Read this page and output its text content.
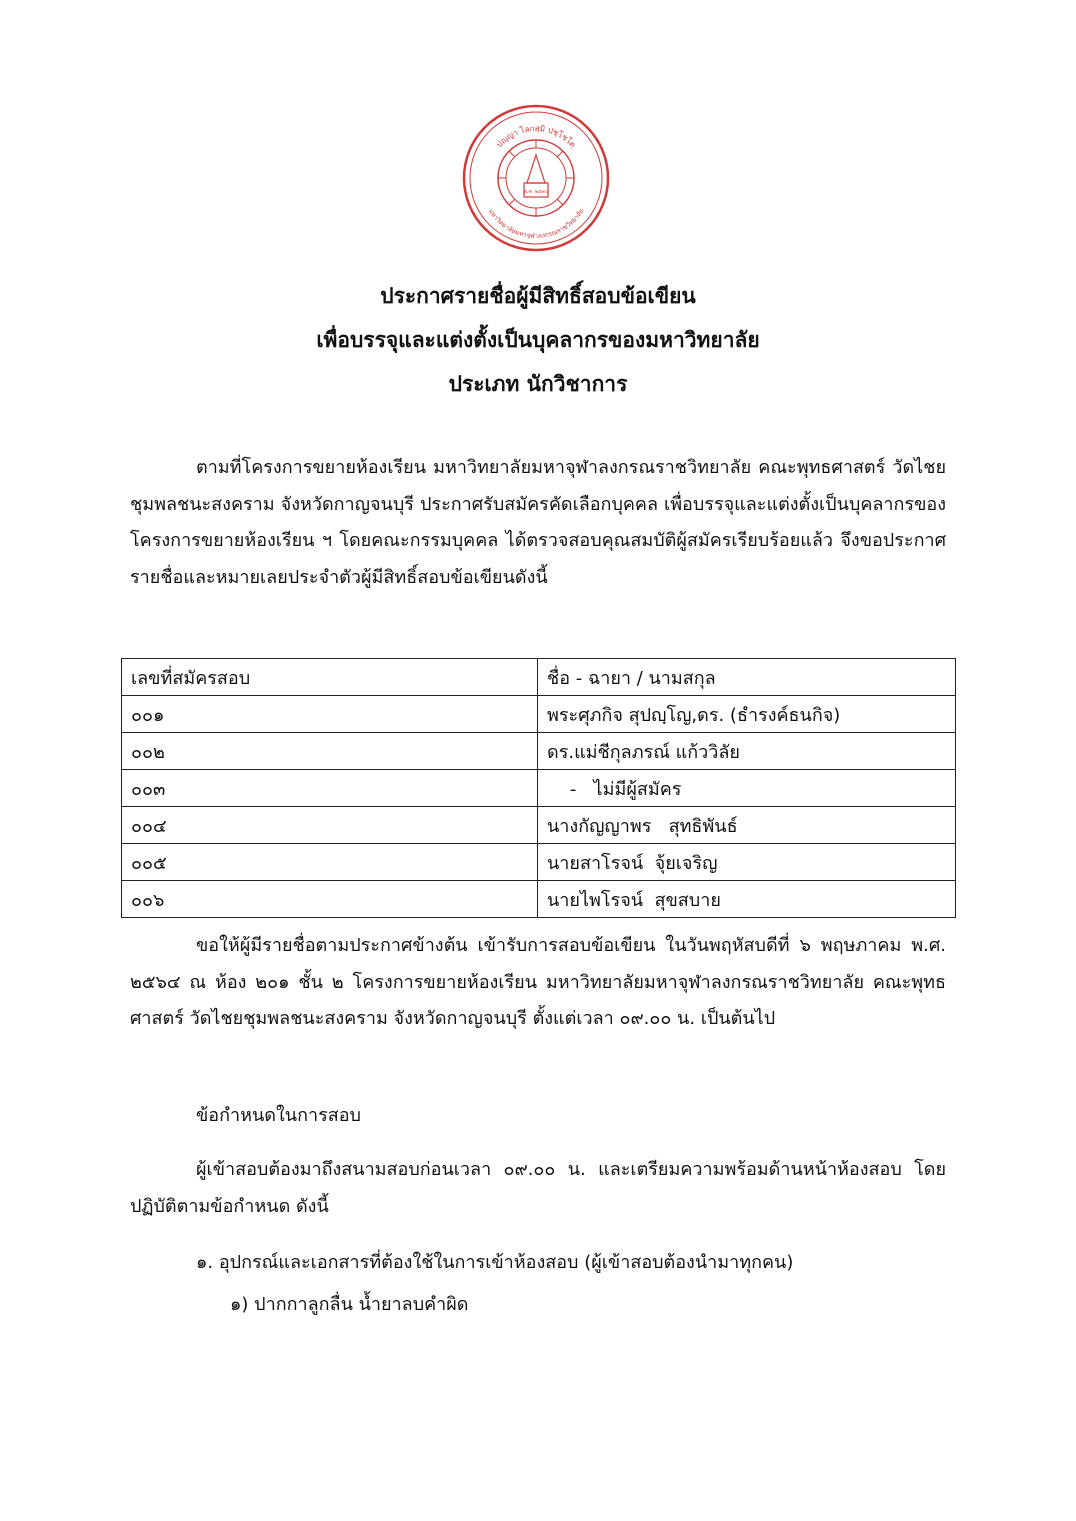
ปญฺญา โลกสฺมิ ปชฺโชโต
มหาวิทยาลัยมหาจุฬาลงกรณราชวิทยาลัย
พ.ศ. ๒๕๓๐
ประกาศรายชื่อผู้มีสิทธิ์สอบข้อเขียน
เพื่อบรรจุและแต่งตั้งเป็นบุคลากรของมหาวิทยาลัย
ประเภท นักวิชาการ
ตามที่โครงการขยายห้องเรียน มหาวิทยาลัยมหาจุฬาลงกรณราชวิทยาลัย คณะพุทธศาสตร์ วัดไชยชุมพลชนะสงคราม จังหวัดกาญจนบุรี ประกาศรับสมัครคัดเลือกบุคคล เพื่อบรรจุและแต่งตั้งเป็นบุคลากรของโครงการขยายห้องเรียน ฯ โดยคณะกรรมบุคคล ได้ตรวจสอบคุณสมบัติผู้สมัครเรียบร้อยแล้ว จึงขอประกาศรายชื่อและหมายเลยประจำตัวผู้มีสิทธิ์สอบข้อเขียนดังนี้
เลขที่สมัครสอบ	ชื่อ - ฉายา / นามสกุล
๐๐๑	พระศุภกิจ สุปญฺโญ,ดร. (ธำรงค์ธนกิจ)
๐๐๒	ดร.แม่ชีกุลภรณ์ แก้ววิลัย
๐๐๓	-   ไม่มีผู้สมัคร
๐๐๔	นางกัญญาพร   สุทธิพันธ์
๐๐๕	นายสาโรจน์  จุ้ยเจริญ
๐๐๖	นายไพโรจน์  สุขสบาย
ขอให้ผู้มีรายชื่อตามประกาศข้างต้น เข้ารับการสอบข้อเขียน ในวันพฤหัสบดีที่ ๖ พฤษภาคม พ.ศ. ๒๕๖๔ ณ ห้อง ๒๐๑ ชั้น ๒ โครงการขยายห้องเรียน มหาวิทยาลัยมหาจุฬาลงกรณราชวิทยาลัย คณะพุทธศาสตร์ วัดไชยชุมพลชนะสงคราม จังหวัดกาญจนบุรี ตั้งแต่เวลา ๐๙.๐๐ น. เป็นต้นไป
ข้อกำหนดในการสอบ
ผู้เข้าสอบต้องมาถึงสนามสอบก่อนเวลา ๐๙.๐๐ น. และเตรียมความพร้อมด้านหน้าห้องสอบ โดยปฏิบัติตามข้อกำหนด ดังนี้
๑. อุปกรณ์และเอกสารที่ต้องใช้ในการเข้าห้องสอบ (ผู้เข้าสอบต้องนำมาทุกคน)
๑) ปากกาลูกลื่น น้ำยาลบคำผิด
